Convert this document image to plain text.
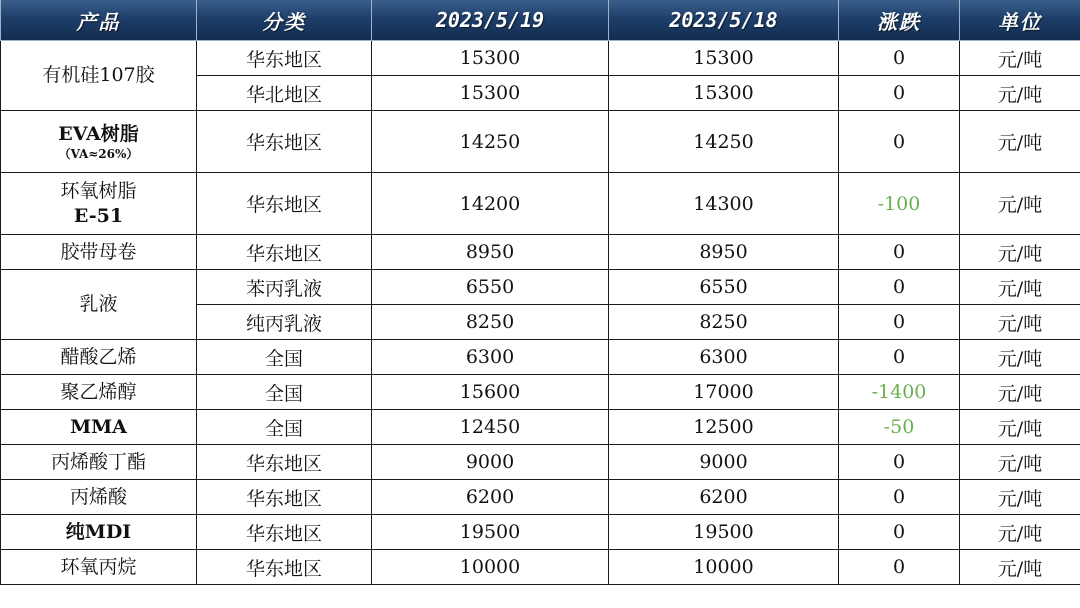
产品	分类	2023/5/19	2023/5/18	涨跌	单位

有机硅107胶	华东地区	15300	15300	0	元/吨
	华北地区	15300	15300	0	元/吨

EVA树脂
（VA≈26%）	华东地区	14250	14250	0	元/吨

环氧树脂
E-51	华东地区	14200	14300	-100	元/吨

胶带母卷	华东地区	8950	8950	0	元/吨

乳液	苯丙乳液	6550	6550	0	元/吨
	纯丙乳液	8250	8250	0	元/吨

醋酸乙烯	全国	6300	6300	0	元/吨

聚乙烯醇	全国	15600	17000	-1400	元/吨

MMA	全国	12450	12500	-50	元/吨

丙烯酸丁酯	华东地区	9000	9000	0	元/吨

丙烯酸	华东地区	6200	6200	0	元/吨

纯MDI	华东地区	19500	19500	0	元/吨

环氧丙烷	华东地区	10000	10000	0	元/吨
